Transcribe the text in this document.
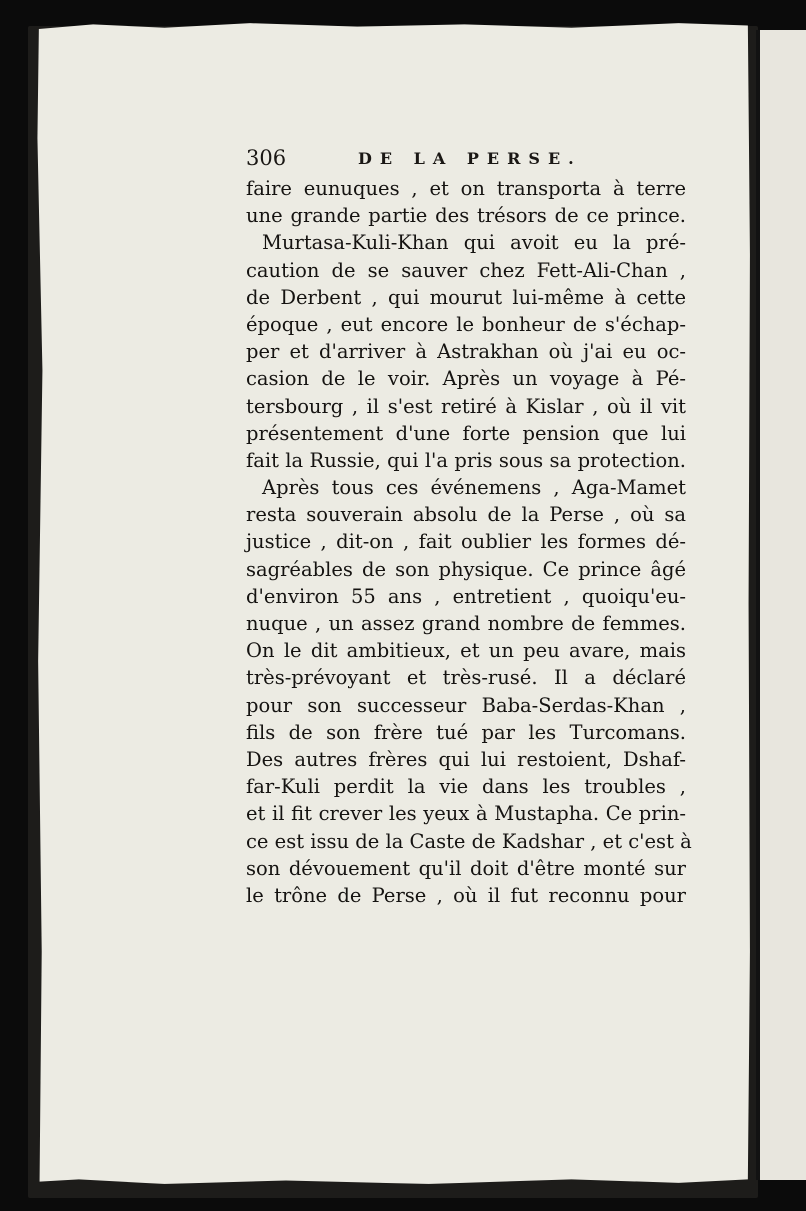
306	DE LA PERSE.
faire eunuques , et on transporta à terre
une grande partie des trésors de ce prince.
Murtasa-Kuli-Khan qui avoit eu la pré-
caution de se sauver chez Fett-Ali-Chan ,
de Derbent , qui mourut lui-même à cette
époque , eut encore le bonheur de s'échap-
per et d'arriver à Astrakhan où j'ai eu oc-
casion de le voir. Après un voyage à Pé-
tersbourg , il s'est retiré à Kislar , où il vit
présentement d'une forte pension que lui
fait la Russie, qui l'a pris sous sa protection.
Après tous ces événemens , Aga-Mamet
resta souverain absolu de la Perse , où sa
justice , dit-on , fait oublier les formes dé-
sagréables de son physique. Ce prince âgé
d'environ 55 ans , entretient , quoiqu'eu-
nuque , un assez grand nombre de femmes.
On le dit ambitieux, et un peu avare, mais
très-prévoyant et très-rusé. Il a déclaré
pour son successeur Baba-Serdas-Khan ,
fils de son frère tué par les Turcomans.
Des autres frères qui lui restoient, Dshaf-
far-Kuli perdit la vie dans les troubles ,
et il fit crever les yeux à Mustapha. Ce prin-
ce est issu de la Caste de Kadshar , et c'est à
son dévouement qu'il doit d'être monté sur
le trône de Perse , où il fut reconnu pour
